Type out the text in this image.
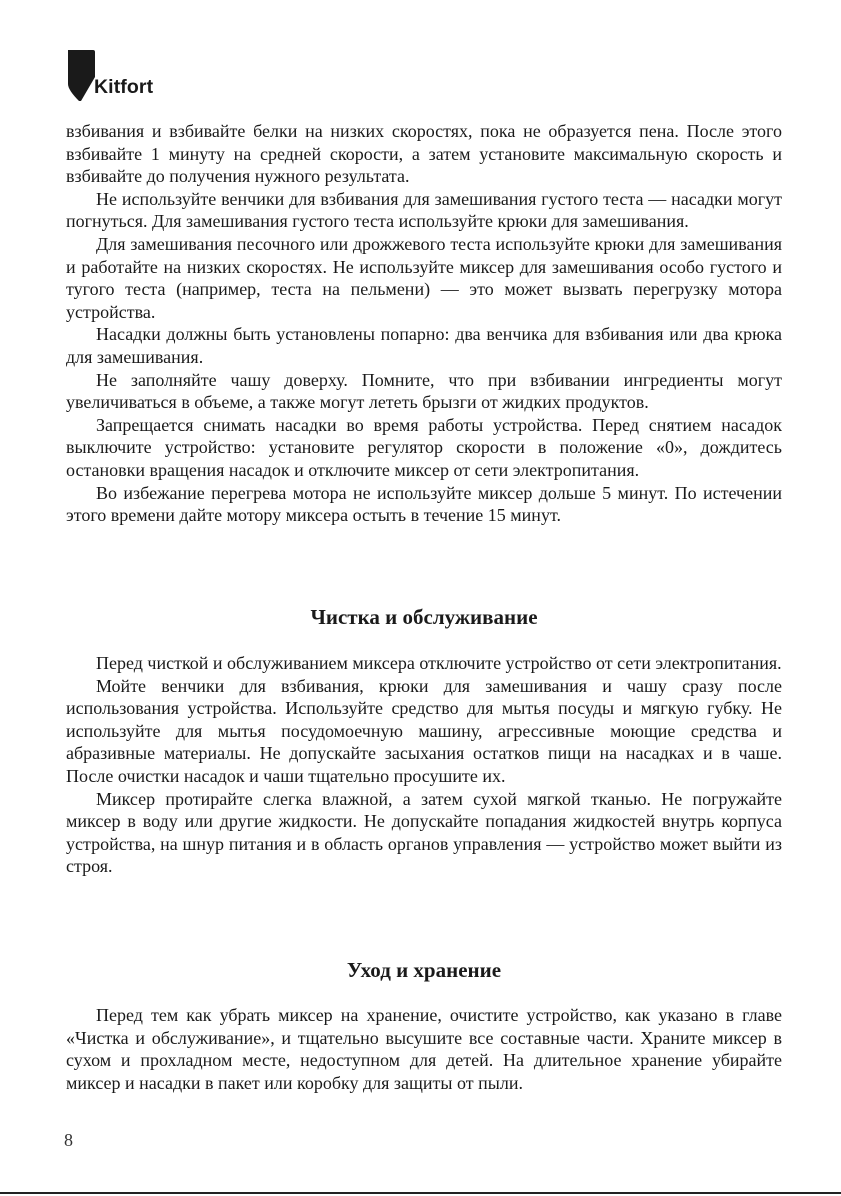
Kitfort

взбивания и взбивайте белки на низких скоростях, пока не образуется пена. После этого взбивайте 1 минуту на средней скорости, а затем установите максимальную скорость и взбивайте до получения нужного результата.

Не используйте венчики для взбивания для замешивания густого теста — насадки могут погнуться. Для замешивания густого теста используйте крюки для замешивания.

Для замешивания песочного или дрожжевого теста используйте крюки для замешивания и работайте на низких скоростях. Не используйте миксер для замешивания особо густого и тугого теста (например, теста на пельмени) — это может вызвать перегрузку мотора устройства.

Насадки должны быть установлены попарно: два венчика для взбивания или два крюка для замешивания.

Не заполняйте чашу доверху. Помните, что при взбивании ингредиенты могут увеличиваться в объеме, а также могут лететь брызги от жидких продуктов.

Запрещается снимать насадки во время работы устройства. Перед снятием насадок выключите устройство: установите регулятор скорости в положение «0», дождитесь остановки вращения насадок и отключите миксер от сети электропитания.

Во избежание перегрева мотора не используйте миксер дольше 5 минут. По истечении этого времени дайте мотору миксера остыть в течение 15 минут.

Чистка и обслуживание

Перед чисткой и обслуживанием миксера отключите устройство от сети электропитания.

Мойте венчики для взбивания, крюки для замешивания и чашу сразу после использования устройства. Используйте средство для мытья посуды и мягкую губку. Не используйте для мытья посудомоечную машину, агрессивные моющие средства и абразивные материалы. Не допускайте засыхания остатков пищи на насадках и в чаше. После очистки насадок и чаши тщательно просушите их.

Миксер протирайте слегка влажной, а затем сухой мягкой тканью. Не погружайте миксер в воду или другие жидкости. Не допускайте попадания жидкостей внутрь корпуса устройства, на шнур питания и в область органов управления — устройство может выйти из строя.

Уход и хранение

Перед тем как убрать миксер на хранение, очистите устройство, как указано в главе «Чистка и обслуживание», и тщательно высушите все составные части. Храните миксер в сухом и прохладном месте, недоступном для детей. На длительное хранение убирайте миксер и насадки в пакет или коробку для защиты от пыли.

8
